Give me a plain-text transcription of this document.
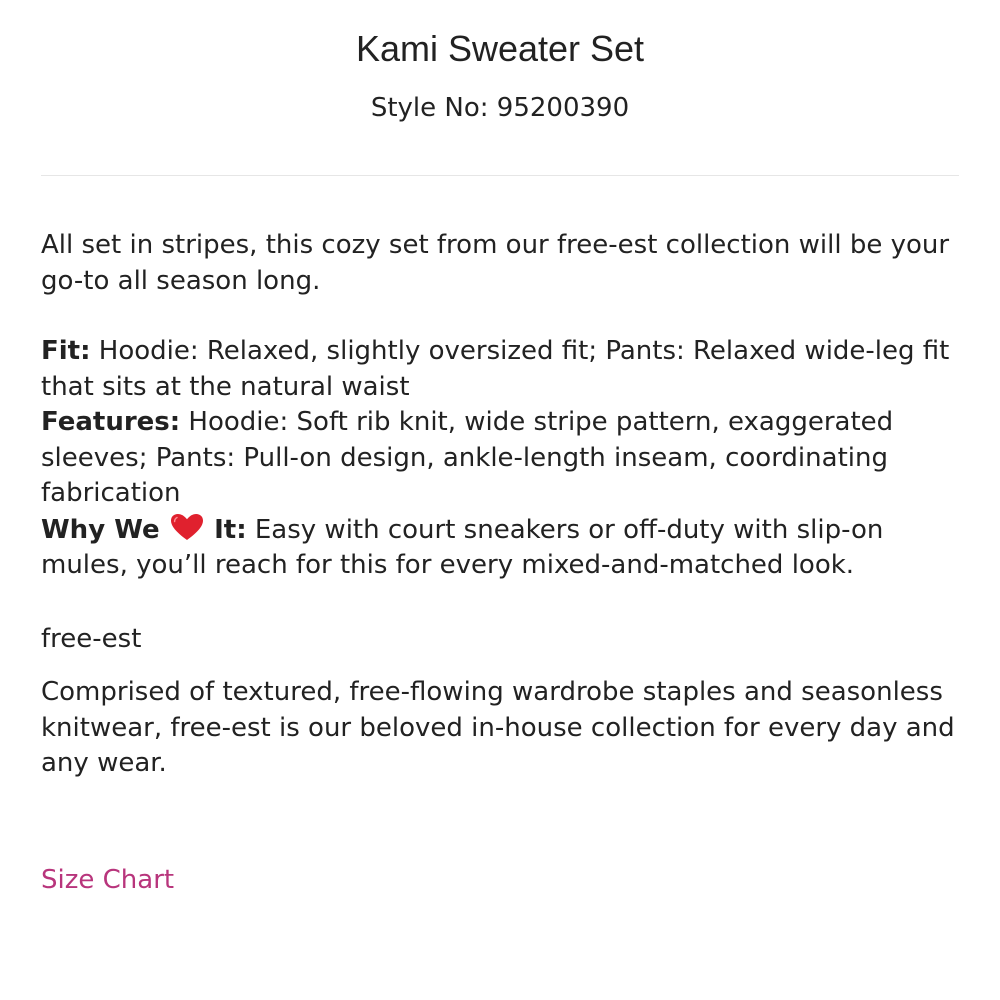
Kami Sweater Set
Style No: 95200390

All set in stripes, this cozy set from our free-est collection will be your go-to all season long.

Fit: Hoodie: Relaxed, slightly oversized fit; Pants: Relaxed wide-leg fit that sits at the natural waist

Features: Hoodie: Soft rib knit, wide stripe pattern, exaggerated sleeves; Pants: Pull-on design, ankle-length inseam, coordinating fabrication

Why We It: Easy with court sneakers or off-duty with slip-on mules, you’ll reach for this for every mixed-and-matched look.

free-est

Comprised of textured, free-flowing wardrobe staples and seasonless knitwear, free-est is our beloved in-house collection for every day and any wear.

Size Chart
